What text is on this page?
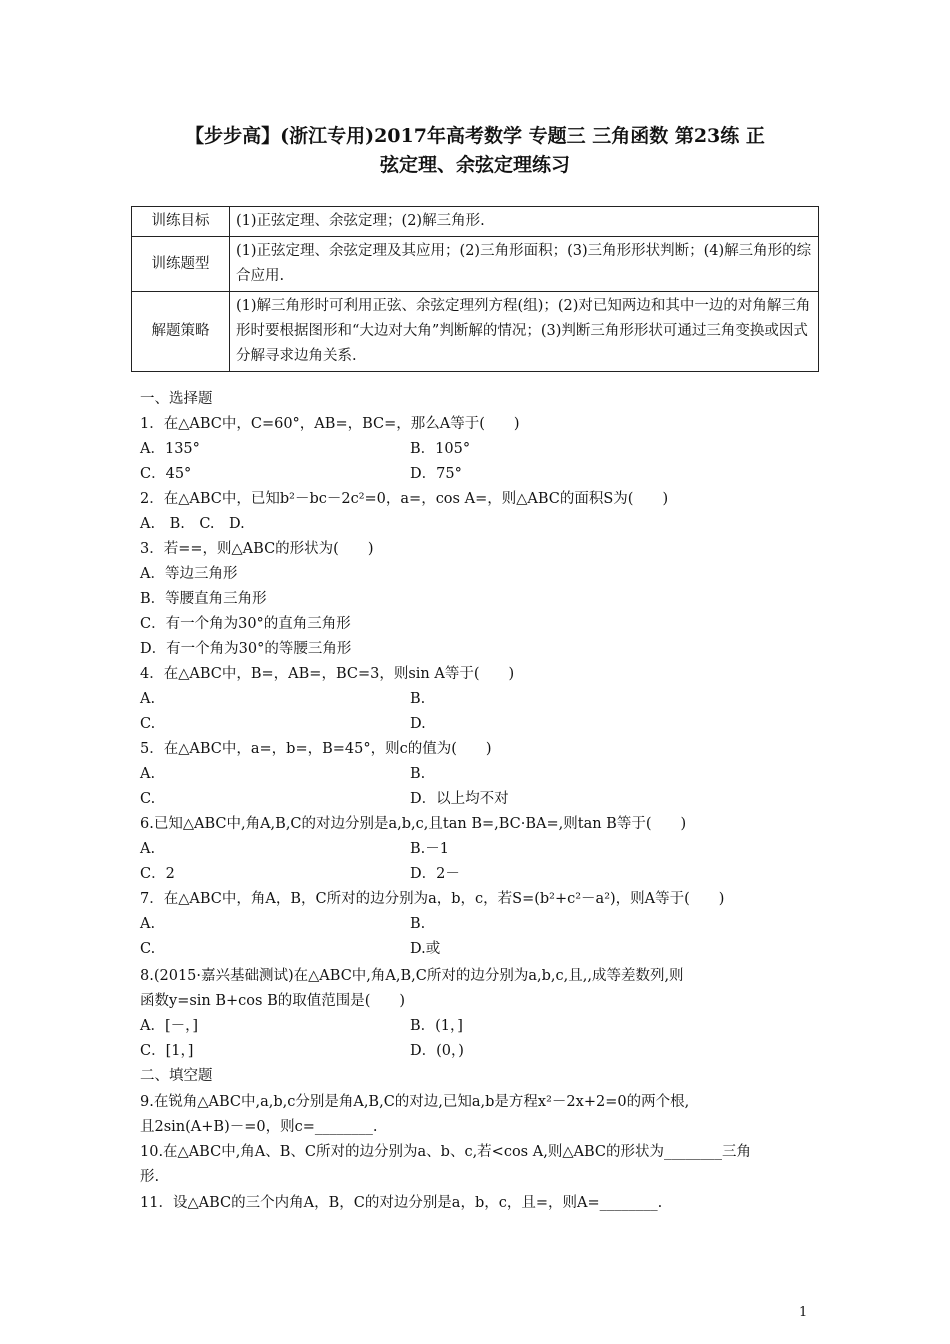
【步步高】(浙江专用)2017年高考数学 专题三 三角函数 第23练 正
弦定理、余弦定理练习
训练目标	(1)正弦定理、余弦定理；(2)解三角形.
训练题型	(1)正弦定理、余弦定理及其应用；(2)三角形面积；(3)三角形形状判断；(4)解三角形的综合应用.
解题策略	(1)解三角形时可利用正弦、余弦定理列方程(组)；(2)对已知两边和其中一边的对角解三角形时要根据图形和“大边对大角”判断解的情况；(3)判断三角形形状可通过三角变换或因式分解寻求边角关系.
一、选择题
1．在△ABC中，C=60°，AB=，BC=，那么A等于(　　)
A．135°	B．105°
C．45°	D．75°
2．在△ABC中，已知b²－bc－2c²=0，a=，cos A=，则△ABC的面积S为(　　)
A.　B.　C.　D.
3．若==，则△ABC的形状为(　　)
A．等边三角形
B．等腰直角三角形
C．有一个角为30°的直角三角形
D．有一个角为30°的等腰三角形
4．在△ABC中，B=，AB=，BC=3，则sin A等于(　　)
A.	B.
C.	D.
5．在△ABC中，a=，b=，B=45°，则c的值为(　　)
A.	B.
C.	D．以上均不对
6.已知△ABC中,角A,B,C的对边分别是a,b,c,且tan B=,BC·BA=,则tan B等于(　　)
A.	B.－1
C．2	D．2－
7．在△ABC中，角A，B，C所对的边分别为a，b，c，若S=(b²+c²－a²)，则A等于(　　)
A.	B.
C.	D.或
8.(2015·嘉兴基础测试)在△ABC中,角A,B,C所对的边分别为a,b,c,且,,成等差数列,则
函数y=sin B+cos B的取值范围是(　　)
A．[－，]	B．(1，]
C．[1，]	D．(0，)
二、填空题
9.在锐角△ABC中,a,b,c分别是角A,B,C的对边,已知a,b是方程x²－2x+2=0的两个根,
且2sin(A+B)－=0，则c=________.
10.在△ABC中,角A、B、C所对的边分别为a、b、c,若<cos A,则△ABC的形状为________三角
形.
11．设△ABC的三个内角A，B，C的对边分别是a，b，c，且=，则A=________.
1
